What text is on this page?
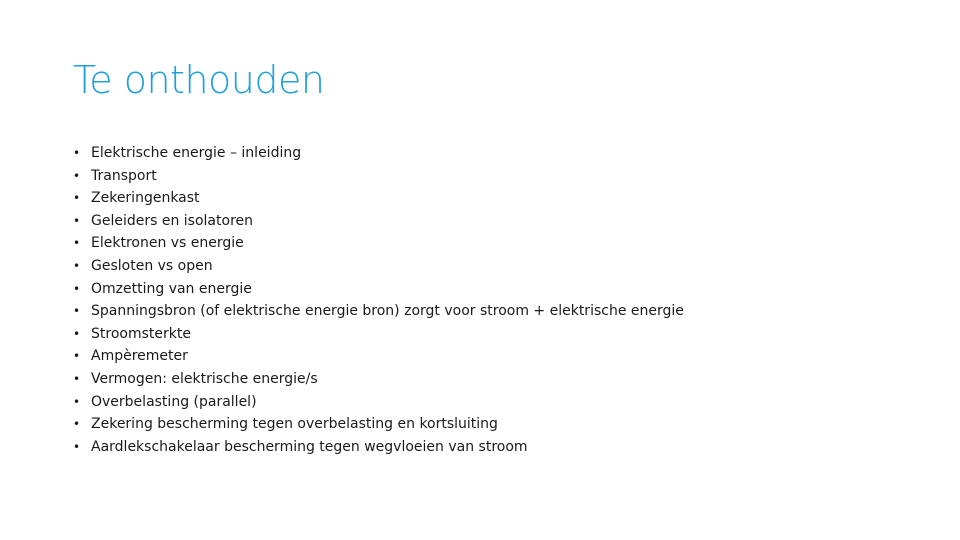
Te onthouden
• Elektrische energie – inleiding
• Transport
• Zekeringenkast
• Geleiders en isolatoren
• Elektronen vs energie
• Gesloten vs open
• Omzetting van energie
• Spanningsbron (of elektrische energie bron) zorgt voor stroom + elektrische energie
• Stroomsterkte
• Ampèremeter
• Vermogen: elektrische energie/s
• Overbelasting (parallel)
• Zekering bescherming tegen overbelasting en kortsluiting
• Aardlekschakelaar bescherming tegen wegvloeien van stroom
